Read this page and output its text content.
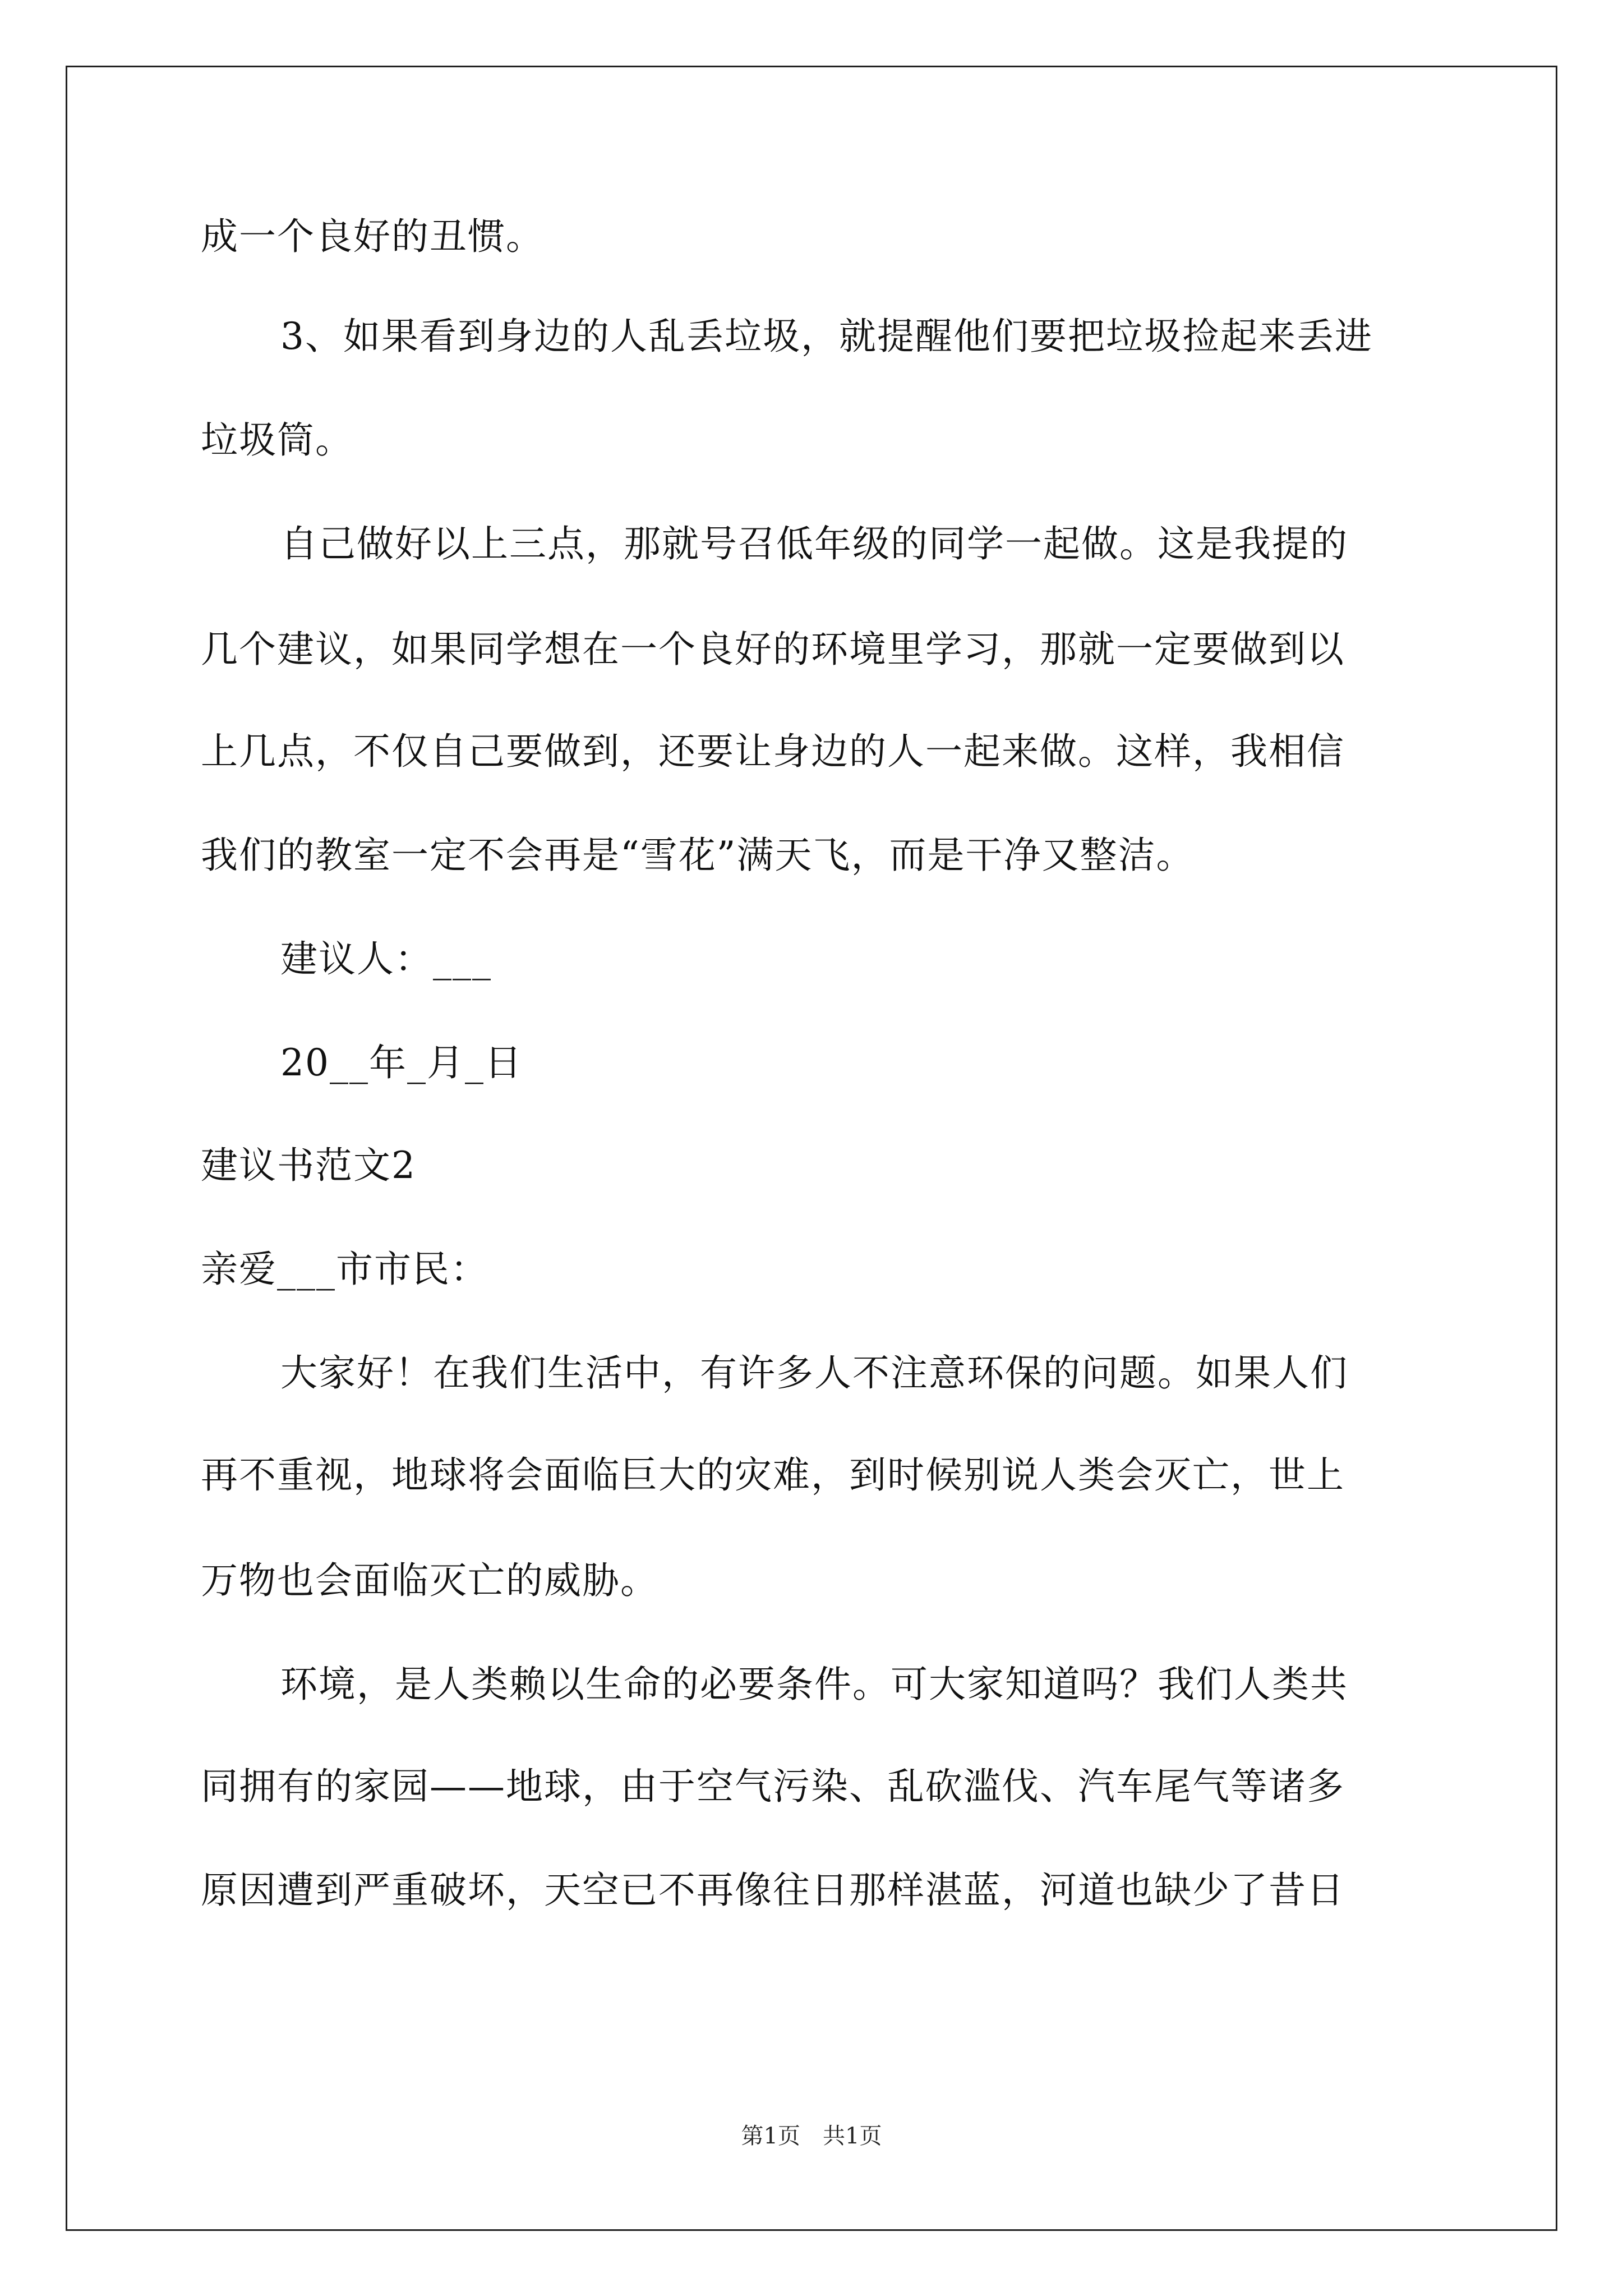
成一个良好的丑惯。
3、如果看到身边的人乱丢垃圾，就提醒他们要把垃圾捡起来丢进
垃圾筒。
自己做好以上三点，那就号召低年级的同学一起做。这是我提的
几个建议，如果同学想在一个良好的环境里学习，那就一定要做到以
上几点，不仅自己要做到，还要让身边的人一起来做。这样，我相信
我们的教室一定不会再是“雪花”满天飞，而是干净又整洁。
建议人：___
20__年_月_日
建议书范文2
亲爱___市市民：
大家好！在我们生活中，有许多人不注意环保的问题。如果人们
再不重视，地球将会面临巨大的灾难，到时候别说人类会灭亡，世上
万物也会面临灭亡的威胁。
环境，是人类赖以生命的必要条件。可大家知道吗？我们人类共
同拥有的家园——地球，由于空气污染、乱砍滥伐、汽车尾气等诸多
原因遭到严重破坏，天空已不再像往日那样湛蓝，河道也缺少了昔日
第1页　共1页
